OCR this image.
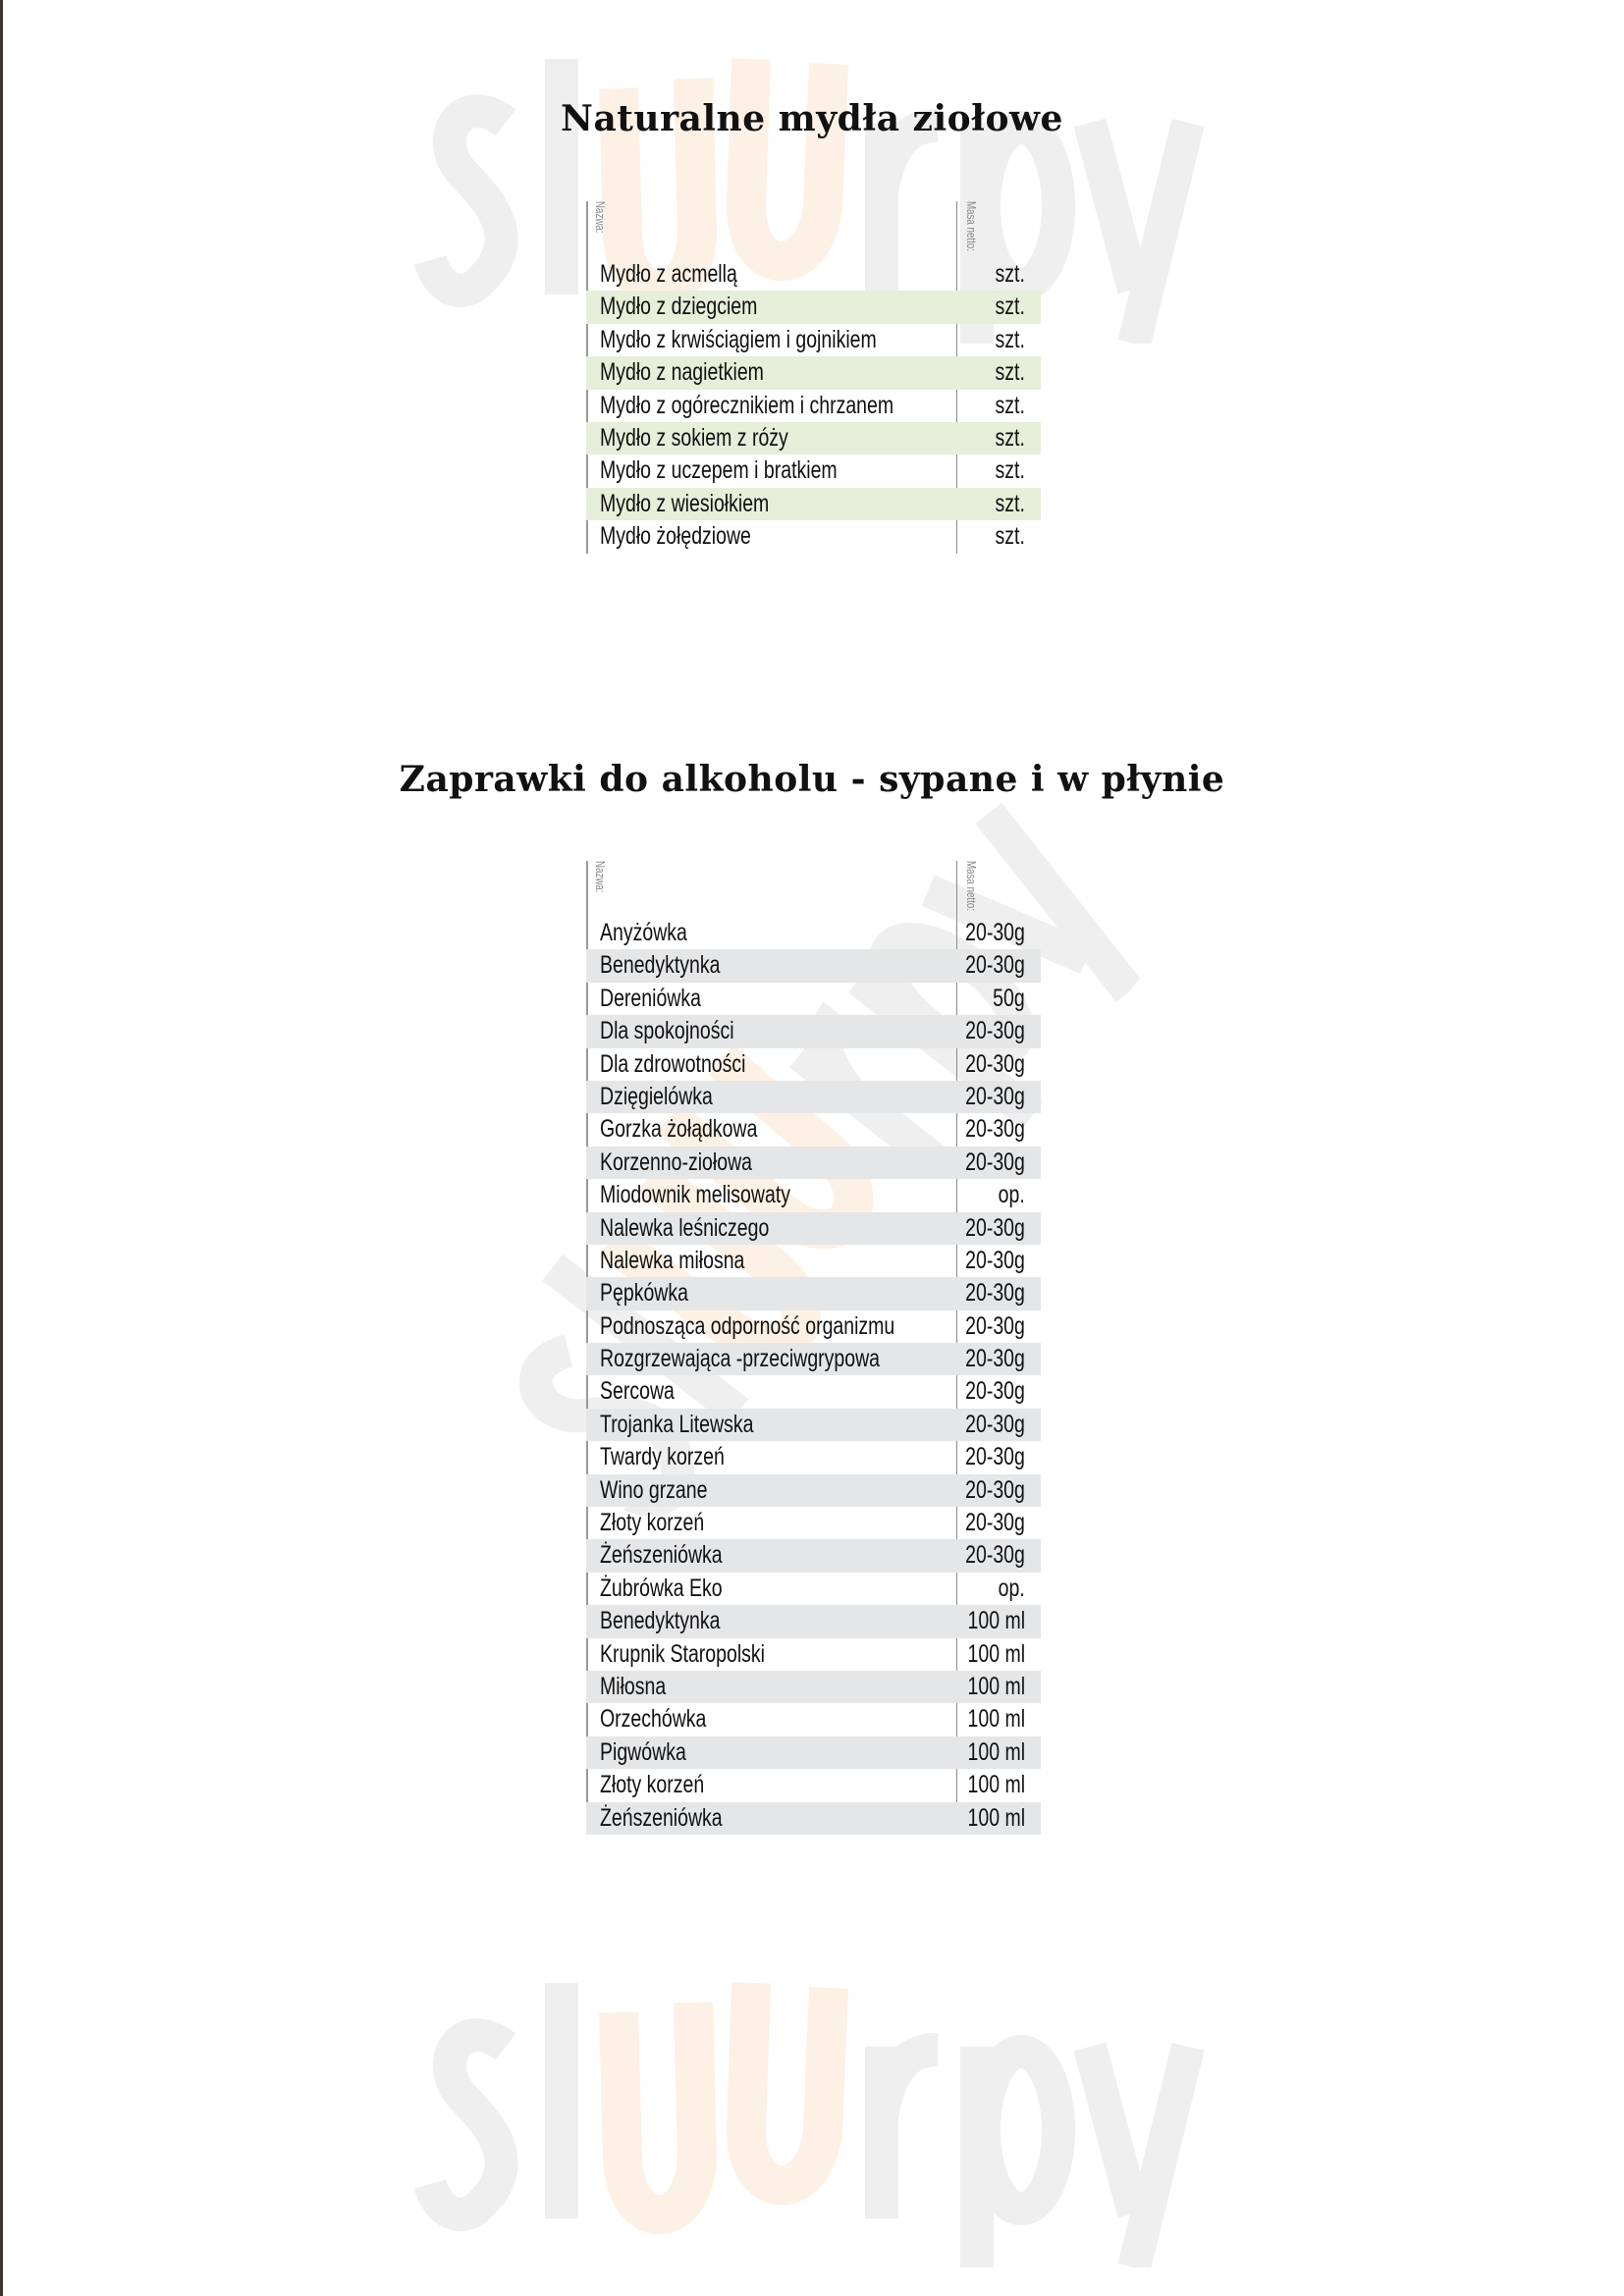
Naturalne mydła ziołowe
Nazwa:	Masa netto:
Mydło z acmellą	szt.
Mydło z dziegciem	szt.
Mydło z krwiściągiem i gojnikiem	szt.
Mydło z nagietkiem	szt.
Mydło z ogórecznikiem i chrzanem	szt.
Mydło z sokiem z róży	szt.
Mydło z uczepem i bratkiem	szt.
Mydło z wiesiołkiem	szt.
Mydło żołędziowe	szt.
Zaprawki do alkoholu - sypane i w płynie
Nazwa:	Masa netto:
Anyżówka	20-30g
Benedyktynka	20-30g
Dereniówka	50g
Dla spokojności	20-30g
Dla zdrowotności	20-30g
Dzięgielówka	20-30g
Gorzka żołądkowa	20-30g
Korzenno-ziołowa	20-30g
Miodownik melisowaty	op.
Nalewka leśniczego	20-30g
Nalewka miłosna	20-30g
Pępkówka	20-30g
Podnosząca odporność organizmu	20-30g
Rozgrzewająca -przeciwgrypowa	20-30g
Sercowa	20-30g
Trojanka Litewska	20-30g
Twardy korzeń	20-30g
Wino grzane	20-30g
Złoty korzeń	20-30g
Żeńszeniówka	20-30g
Żubrówka Eko	op.
Benedyktynka	100 ml
Krupnik Staropolski	100 ml
Miłosna	100 ml
Orzechówka	100 ml
Pigwówka	100 ml
Złoty korzeń	100 ml
Żeńszeniówka	100 ml
